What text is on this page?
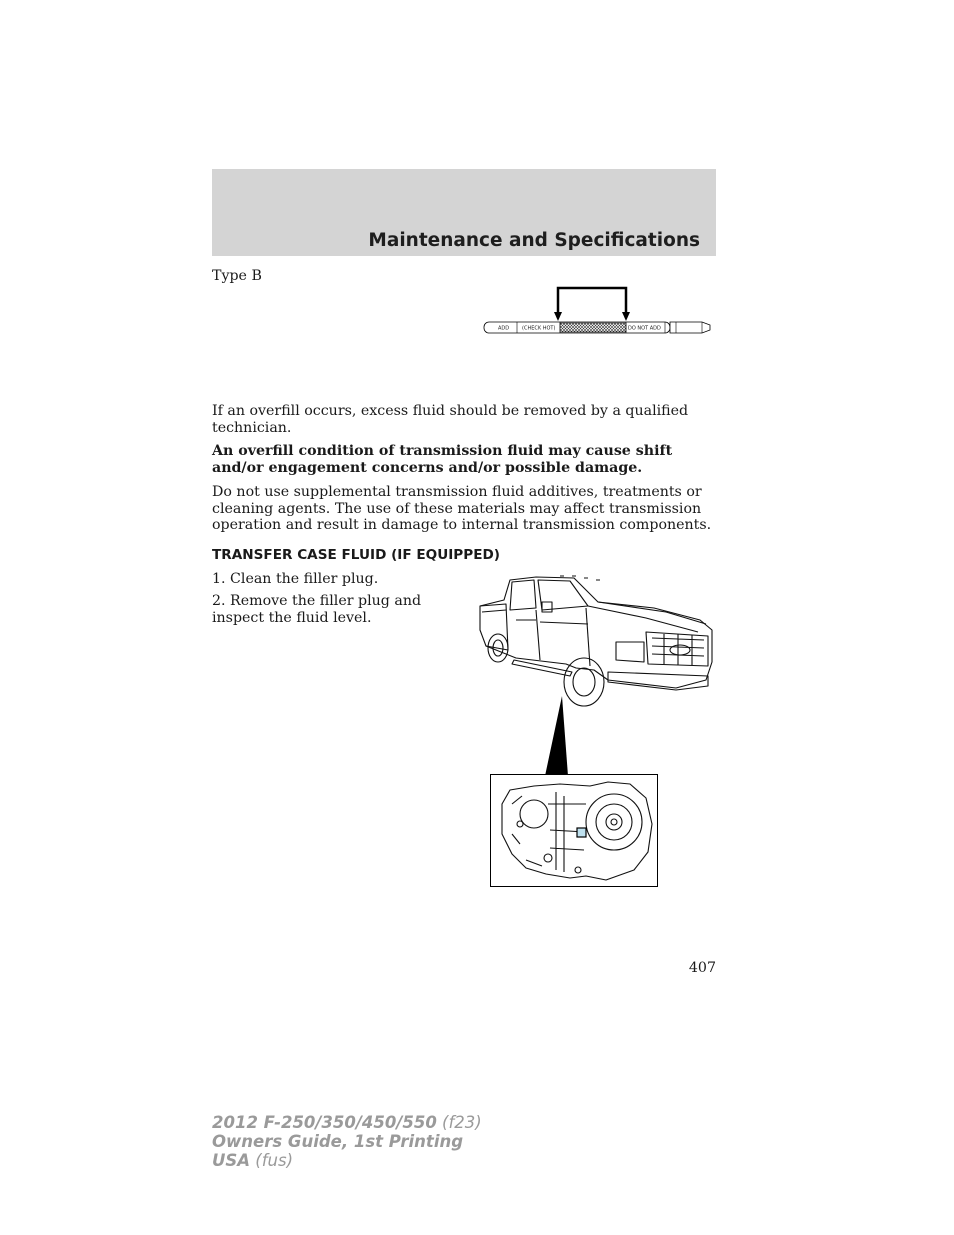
Maintenance and Specifications
Type B
ADD	(CHECK HOT)	DO NOT ADD

If an overfill occurs, excess fluid should be removed by a qualified technician.

An overfill condition of transmission fluid may cause shift and/or engagement concerns and/or possible damage.

Do not use supplemental transmission fluid additives, treatments or cleaning agents. The use of these materials may affect transmission operation and result in damage to internal transmission components.

TRANSFER CASE FLUID (IF EQUIPPED)

1. Clean the filler plug.

2. Remove the filler plug and inspect the fluid level.

407
2012 F-250/350/450/550 (f23)
Owners Guide, 1st Printing
USA (fus)
